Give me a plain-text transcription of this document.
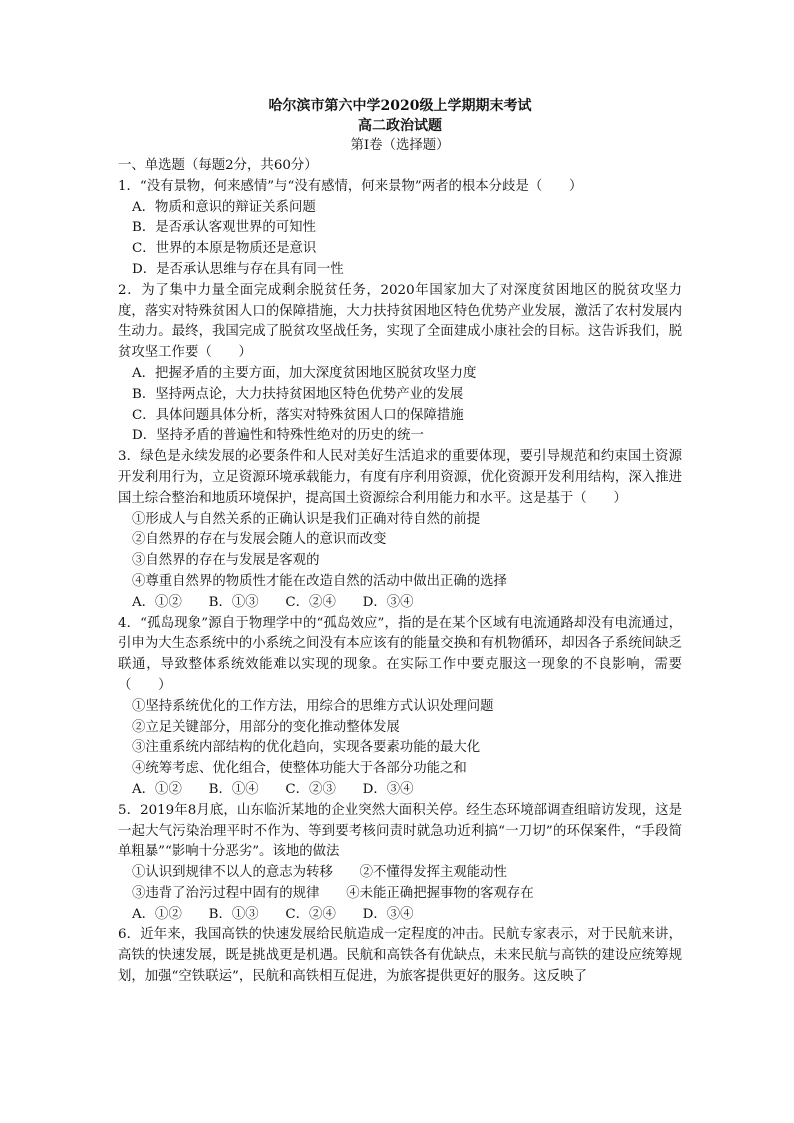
哈尔滨市第六中学2020级上学期期末考试
高二政治试题
第Ⅰ卷（选择题）
一、单选题（每题2分，共60分）

1．“没有景物，何来感情”与“没有感情，何来景物”两者的根本分歧是（　　）

A．物质和意识的辩证关系问题

B．是否承认客观世界的可知性

C．世界的本原是物质还是意识

D．是否承认思维与存在具有同一性

2．为了集中力量全面完成剩余脱贫任务，2020年国家加大了对深度贫困地区的脱贫攻坚力度，落实对特殊贫困人口的保障措施，大力扶持贫困地区特色优势产业发展，激活了农村发展内生动力。最终，我国完成了脱贫攻坚战任务，实现了全面建成小康社会的目标。这告诉我们，脱贫攻坚工作要（　　）

A．把握矛盾的主要方面，加大深度贫困地区脱贫攻坚力度

B．坚持两点论，大力扶持贫困地区特色优势产业的发展

C．具体问题具体分析，落实对特殊贫困人口的保障措施

D．坚持矛盾的普遍性和特殊性绝对的历史的统一

3．绿色是永续发展的必要条件和人民对美好生活追求的重要体现，要引导规范和约束国土资源开发利用行为，立足资源环境承载能力，有度有序利用资源，优化资源开发利用结构，深入推进国土综合整治和地质环境保护，提高国土资源综合利用能力和水平。这是基于（　　）

①形成人与自然关系的正确认识是我们正确对待自然的前提

②自然界的存在与发展会随人的意识而改变

③自然界的存在与发展是客观的

④尊重自然界的物质性才能在改造自然的活动中做出正确的选择

A．①②　　B．①③　　C．②④　　D．③④

4．“孤岛现象”源自于物理学中的“孤岛效应”，指的是在某个区域有电流通路却没有电流通过，引申为大生态系统中的小系统之间没有本应该有的能量交换和有机物循环，却因各子系统间缺乏联通，导致整体系统效能难以实现的现象。在实际工作中要克服这一现象的不良影响，需要（　　）

①坚持系统优化的工作方法，用综合的思维方式认识处理问题

②立足关键部分，用部分的变化推动整体发展

③注重系统内部结构的优化趋向，实现各要素功能的最大化

④统筹考虑、优化组合，使整体功能大于各部分功能之和

A．①②　　B．①④　　C．②③　　D．③④

5．2019年8月底，山东临沂某地的企业突然大面积关停。经生态环境部调查组暗访发现，这是一起大气污染治理平时不作为、等到要考核问责时就急功近利搞“一刀切”的环保案件，“手段简单粗暴”“影响十分恶劣”。该地的做法

①认识到规律不以人的意志为转移　　②不懂得发挥主观能动性

③违背了治污过程中固有的规律　　④未能正确把握事物的客观存在

A．①②　　B．①③　　C．②④　　D．③④

6．近年来，我国高铁的快速发展给民航造成一定程度的冲击。民航专家表示，对于民航来讲，高铁的快速发展，既是挑战更是机遇。民航和高铁各有优缺点，未来民航与高铁的建设应统筹规划，加强“空铁联运”，民航和高铁相互促进，为旅客提供更好的服务。这反映了
